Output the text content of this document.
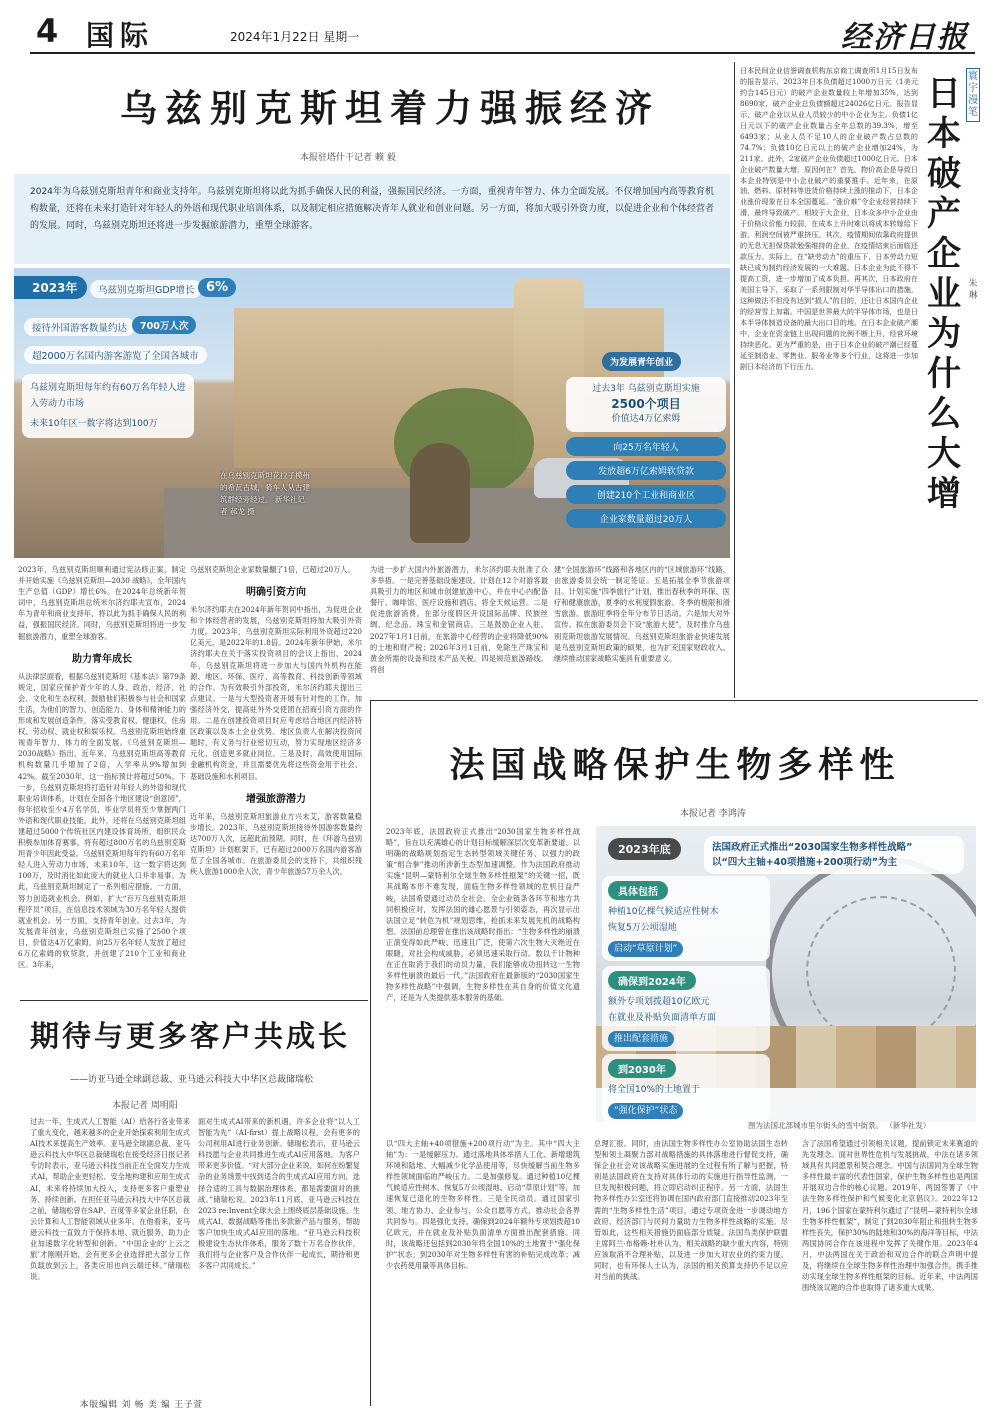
4 国际	2024年1月22日 星期一	经济日报
乌兹别克斯坦着力强振经济
本报驻塔什干记者 赖 毅
2024年为乌兹别克斯坦青年和商业支持年。乌兹别克斯坦将以此为抓手确保人民的利益，强振国民经济。一方面，重视青年智力、体力全面发展。不仅增加国内高等教育机构数量，还将在未来打造针对年轻人的外语和现代职业培训体系，以及制定相应措施解决青年人就业和创业问题。另一方面，将加大吸引外资力度，以促进企业和个体经营者的发展。同时，乌兹别克斯坦还将进一步发掘旅游潜力，重塑全球游客。
2023年	乌兹别克斯坦GDP增长 6%
接待外国游客数量约达	700万人次
超2000万名国内游客游览了全国各城市
乌兹别克斯坦每年约有60万名年轻人进入劳动力市场
未来10年区一数字将达到100万
为发展青年创业
过去3年 乌兹别克斯坦实施
2500个项目
价值达4万亿索姆
向25万名年轻人
发放超6万亿索姆软贷款
创建210个工业和商业区
企业家数量超过20万人
在乌兹别克斯坦花拉子模州的希瓦古城，骑车人从古建筑群经旁经过。 新华社记者 郝龙 摄

2023年，乌兹别克斯坦顺利通过宪法修正案，制定并开始实施《乌兹别克斯坦—2030 战略》，全年国内生产总值（GDP）增长6%。在2024年总统新年贺词中，乌兹别克斯坦总统米尔济约耶夫宣布，2024年为青年和商业支持年，将以此为抓手确保人民的利益，强振国民经济。同时，乌兹别克斯坦将进一步发掘旅游潜力，重塑全球游客。

助力青年成长

从法律层面看，根据乌兹别克斯坦《基本法》第79条规定，国家应保护青少年的人身、政治、经济、社会、文化和生态权利，鼓励他们积极参与社会和国家生活，为他们的智力、创造能力、身体和精神能力的形成和发展创造条件，落实受教育权、健康权、住房权、劳动权、就业权和娱乐权。乌兹别克斯坦始终重视青年智力、体力的全面发展。《乌兹别克斯坦—2030战略》指出，近年来，乌兹别克斯坦高等教育机构数量几乎增加了2倍，入学率从9%增加到42%。截至2030年，这一指标预计将超过50%。下一步，乌兹别克斯坦将打造针对年轻人的外语和现代职业培训体系，计划在全国各个地区建设“创意园”，每年招收至少4万名学员，毕业学员将至少掌握两门外语和现代职业技能。此外，还将在乌兹别克斯坦组建超过5000个传统社区内建设体育场所，组织民众积极参加体育赛事，将有超过800万名的乌兹别克斯坦青少年因此受益。乌兹别克斯坦每年约有60万名年轻人进入劳动力市场，未来10年，这一数字将达到100万，及时消化如此庞大的就业人口并非易事。为此，乌兹别克斯坦制定了一系列相应措施。一方面，努力创造就业机会。例如，扩大“百万乌兹别克斯坦程序员”项目，在信息技术领域为30万名年轻人提供就业机会。另一方面，支持青年创业。过去3年，为发展青年创业，乌兹别克斯坦已实施了2500个项目，价值达4万亿索姆，向25万名年轻人发放了超过6万亿索姆的软贷款，并创建了210个工业和商业区。3年来，

乌兹别克斯坦企业家数量翻了1倍，已超过20万人。

明确引资方向

米尔济约耶夫在2024年新年贺词中指出，为促进企业和个体经营者的发展，乌兹别克斯坦将加大吸引外资力度。2023年，乌兹别克斯坦实际利用外资超过220亿美元，是2022年的1.8倍。2024年新年伊始，米尔济约耶夫在关于落实投资项目的会议上指出，2024年，乌兹别克斯坦将进一步加大与国内外机构在能源、地区、环保、医疗、高等教育、科技创新等领域的合作。为有效吸引外部投资，米尔济约耶夫提出三点建议。一是与大型投资者开展有针对性的工作，加强经济外交，提高驻外外交使团在招商引资方面的作用。二是在创建投资项目时应考虑结合地区内经济特区政策以及本土企业优势。地区负责人在解决投资问题时，有义务与行业密切互动，努力实现地区经济多元化，创造更多就业岗位。三是及时、高效使用国际金融机构资金，并且需要优先将这些资金用于社会、基础设施和水利项目。

增强旅游潜力

近年来，乌兹别克斯坦旅游业方兴未艾，游客数量稳步增长。2023年，乌兹别克斯坦接待外国游客数量约达700万人次，远超此前预期。同时，在《环游乌兹别克斯坦》计划框架下，已有超过2000万名国内游客游览了全国各城市。在旅游委员会的支持下，共组织残疾人旅游1000余人次，青少年旅游57万余人次。

为进一步扩大国内外旅游潜力，米尔济约耶夫批准了众多举措。一是完善基础设施建设。计划在12个对游客最具吸引力的地区和城市创建旅游中心，并在中心内配备餐厅、咖啡馆、医疗设施和酒店，将全天候运营。二是促进旅游消费。在部分度假区开设国际品牌、民族丝绸、纪念品、珠宝和金银商店。三是鼓励企业入驻。2027年1月1日前，在旅游中心经营的企业将降低90%的土地和财产税；2026年3月1日前，免除生产珠宝和黄金所需的设备和技术产品关税。四是规范旅游路线。将创

建“全国旅游环”线路和各地区内的“区域旅游环”线路，由旅游委员会统一制定签证。五是拓展全季节旅游项目。计划实施“四季旅行”计划，推出春秋季的环保、医疗和健康旅游，夏季的水利度假旅游、冬季的极限和滑雪旅游。旅游旺季将全年分布节日活动。六是加大对外宣传。拟在旅游委员会下设“旅游大使”，及时推介乌兹别克斯坦旅游发展情况。乌兹别克斯坦旅游业快速发展是乌兹别克斯坦政策的硕果，也为扩充国家财政收入、继续推动国家战略实施具有重要意义。

日本民间企业信誉调查机构东京商工调查所1月15日发布的报告显示，2023年日本负债超过1000万日元（1美元约合145日元）的破产企业数量较上年增加35%，达到8690家，破产企业总负债额超过24026亿日元。报告显示，破产企业以从业人员较少的中小企业为主。负债1亿日元以下的破产企业数量占全年总数的39.3%，增至6493家；从业人员不足10人的企业破产数占总数的74.7%；负债10亿日元以上的破产企业增加24%，为211家。此外，2家破产企业负债超过1000亿日元。日本企业破产数量大增，原因何在？首先，物价高企是导致日本企业特别是中小企业破产的重要推手。近年来，在原油、燃料、原材料等进货价格持续上涨的推动下，日本企业涨价现象在日本全国蔓延。“涨价难”令企业经营持续下滑，最终导致破产。相较于大企业，日本众多中小企业由于价格议价能力较弱，在成本上升时难以将成本转嫁给下游，利润空间被严重挤压。其次，疫情期间依靠政府提供的无息无担保贷款勉强维持的企业，在疫情结束后面临还款压力。实际上，在“缺劳动力”的重压下，日本劳动力短缺已成为制约经济发展的一大难题。日本企业为此不得不提高工资，进一步增加了成本负担。再其次，日本政府在美国主导下，采取了一系列限制对华半导体出口的措施，这种做法不但没有达到“损人”的目的，还让日本国内企业的经营雪上加霜。中国是世界最大的半导体市场，也是日本半导体制造设备的最大出口目的地。在日本企业破产潮中，企业在资金链上出现问题的比例不断上升，经营环境持续恶化。更为严重的是，由于日本企业的破产潮已经蔓延至制造业、零售业、服务业等多个行业，这将进一步加剧日本经济的下行压力。

寰宇漫笔
日本破产企业为什么大增
朱琳
法国战略保护生物多样性
本报记者 李鸿涛

2023年底，法国政府正式推出“2030国家生物多样性战略”，旨在以充满雄心的计划目标缓解深层次变革新要道、以明确的战略规划指定生态转型领域关键任务、以强力的政策“组合拳”推动所涉新生态型加速调整。作为法国政府推动实施“昆明—蒙特利尔全球生物多样性框架”的关键一招，既其战略本形不难发现，面临生物多样性领域的危机日益严峻，法国希望通过动员全社会、全企业链条各环节和地方共同积极应对，发挥法国的雄心愿景与引领姿态，再次显示出法国立足“转危为机”规划思维，抢抓未来发展先机的战略构想。法国前总理曾在推出该战略时指出：“生物多样性的崩溃正演变得如此严峻、迅速且广泛，使第六次生物大灭绝近在眼睫，对社会构成威胁，必须迅速采取行动。数以千计物种在正在取消于我们的动员力量，我们能够成功扭转这一生物多样性崩溃的最后一代。”法国政府在最新版的“2030国家生物多样性战略”中强调，生物多样性在其自身的价值文化遗产，还是为人类提供基本服务的基础。

2023年底	法国政府正式推出“2030国家生物多样性战略”
以“四大主轴+40项措施+200项行动”为主
具体包括
种植10亿棵气候适应性树木
恢复5万公顷湿地
启动“草原计划”
确保到2024年
额外专项划拨超10亿欧元
在就业及补贴负面清单方面
推出配套措施
到2030年
将全国10%的土地置于
“强化保护”状态
图为法国北部城市里尔街头的雪中街景。 （新华社发）

以“四大主轴+40项措施+200项行动”为主。其中“四大主轴”为：一是缓解压力。通过落地具体举措人工化、新增建筑环境和陆地、大幅减少化学品使用等，尽快缓解当前生物多样性领域面临的严峻压力。二是加强修复。通过种植10亿棵气候适应性树木、恢复5万公顷湿地、启动“草原计划”等，加速恢复已退化的生物多样性。三是全民动员。通过国家引领、地方协力、企业参与、公众自愿等方式，推动社会各界共同参与。四是强化支持。确保到2024年额外专项划拨超10亿欧元，并在就业及补贴负面清单方面推出配套措施。同时，该战略还包括到2030年将全国10%的土地置于“强化保护”状态；到2030年对生物多样性有害的补贴完成改革；减少农药使用量等具体目标。

总理汇报。同时，由法国生物多样性办公室协助法国生态转型和领土凝聚力部对战略措施的具体落地进行督促支持，确保企业社会对该战略实施进展的全过程有所了解与把握，特别是法国政府在支持对具体行动的实施进行指导性监测，一旦发现积极问题，将立即启动纠正程序。另一方面，法国生物多样性办公室还将协调在国内政府部门直接推动2023年至需的“生物多样性生活”项目，通过专项资金进一步调动地方政府、经济部门与民间力量助力生物多样性战略的实施。尽管如此，这些相关措施仍面临部分质疑。法国鸟类保护联盟主席阿兰·布格赖·杜朴认为，相关战略的缺少重大内容，特别应该取消不合理补贴，以及进一步加大对农业的约束力度。同时，也有环保人士认为，法国的相关预算支持仍不足以应对当前的挑战。

含了法国希望通过引领相关议题，提前锁定未来赛道的先发理念。面对世界性危机与发展挑战，中法在诸多领域具有共同愿景和契合理念。中国与法国同为全球生物多样性最丰富的代表性国家，保护生物多样性也是两国开展双边合作的核心议题。2019年，两国签署了《中法生物多样性保护和气候变化北京倡议》。2022年12月，196个国家在蒙特利尔通过了“昆明—蒙特利尔全球生物多样性框架”，制定了到2030年阻止和扭转生物多样性丧失，保护30%的陆地和30%的海洋等目标，中法两国协同合作在该进程中发挥了关键作用。2023年4月，中法两国在关于政治和双边合作的联合声明中提及，将继续在全球生物多样性治理中加强合作，携手推动实现全球生物多样性框架的目标。近年来，中法两国围绕该议题的合作也取得了诸多重大成果。

期待与更多客户共成长
——访亚马逊全球副总裁、亚马逊云科技大中华区总裁储瑞松
本报记者 周明阳

过去一年，生成式人工智能（AI）给各行各业带来了重大变化，越来越多的企业开始探索利用生成式AI技术来提高生产效率。亚马逊全球副总裁、亚马逊云科技大中华区总裁储瑞松在接受经济日报记者专访时表示，亚马逊云科技当前正在全面发力生成式AI，帮助企业更轻松、安全地构建和应用生成式AI，未来将持续加大投入，支持更多客户重塑业务、持续创新。在担任亚马逊云科技大中华区总裁之前，储瑞松曾在SAP、百度等多家企业任职，在云计算和人工智能领域从业多年。在他看来，亚马逊云科技一直致力于保持本地、就近服务，助力企业加速数字化转型和创新。“中国企业的‘上云之旅’才刚刚开始，会有更多企业选择把大部分工作负载放到云上，各类应用也向云端迁移。”储瑞松说。

面对生成式AI带来的新机遇，许多企业将“以人工智能为先”（AI-first）提上战略议程，会有更多的公司利用AI进行业务创新。储瑞松表示，亚马逊云科技愿与企业共同推进生成式AI应用落地，为客户带来更多价值。“对大部分企业来说，如何在纷繁复杂的业务场景中找到适合的生成式AI应用方向，选择合适的工具与数据治理体系，都是需要面对的挑战。”储瑞松说。2023年11月底，亚马逊云科技在2023 re:Invent全球大会上围绕底层基础设施、生成式AI、数据战略等推出多款新产品与服务，帮助客户加快生成式AI应用的落地。“亚马逊云科技积极建设生态伙伴体系，服务了数十万名合作伙伴，我们将与企业客户及合作伙伴一起成长，期待和更多客户共同成长。”

本版编辑 刘 畅 美 编 王子萱
